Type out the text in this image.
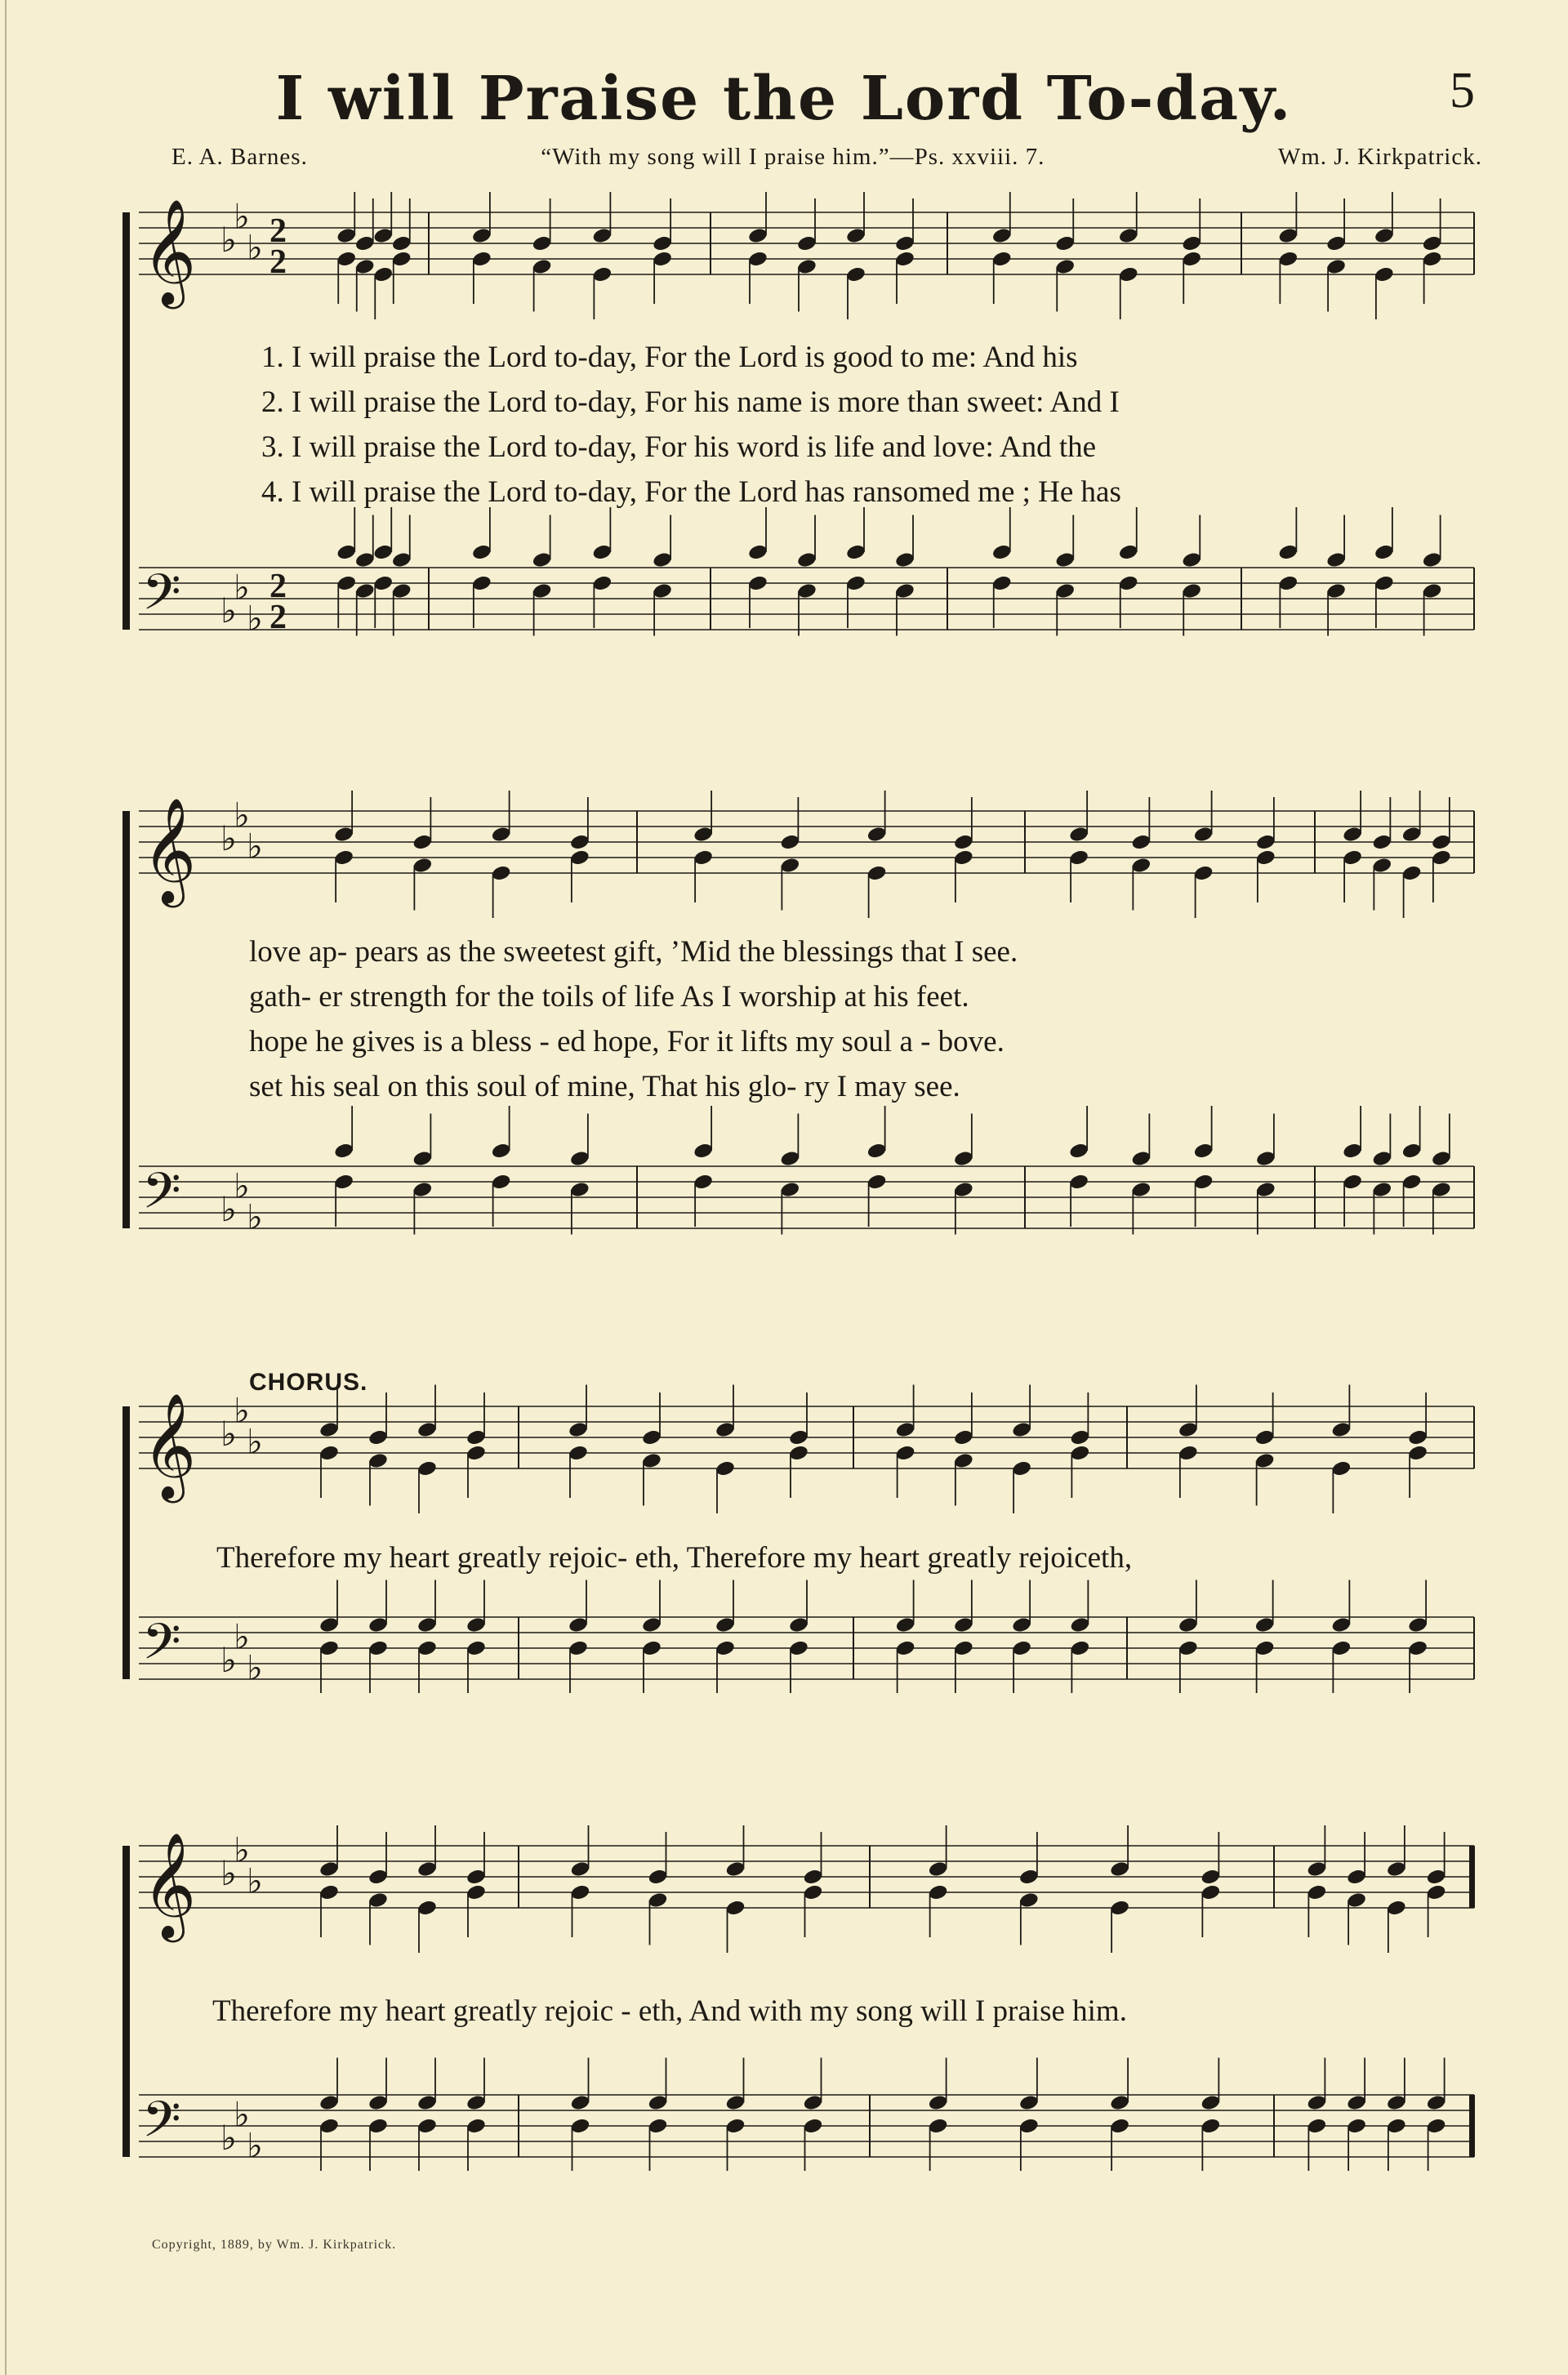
I will Praise the Lord To-day.	5
E. A. Barnes.	“With my song will I praise him.”—Ps. xxviii. 7.	Wm. J. Kirkpatrick.
𝄞 ♭
♭
♭ 2
2
𝄢 ♭
♭
♭
2
2
1. I will praise the Lord to-day, For the Lord is good to me: And his
2. I will praise the Lord to-day, For his name is more than sweet: And I
3. I will praise the Lord to-day, For his word is life and love: And the
4. I will praise the Lord to-day, For the Lord has ransomed me ; He has
𝄞 ♭
♭
♭
𝄢 ♭
♭
♭
love ap- pears as the sweetest gift, ’Mid the blessings that I see.
gath- er strength for the toils of life As I worship at his feet.
hope he gives is a bless - ed hope, For it lifts my soul a - bove.
set his seal on this soul of mine, That his glo- ry I may see.
CHORUS.
𝄞 ♭
♭
♭
𝄢 ♭
♭
♭
Therefore my heart greatly rejoic- eth, Therefore my heart greatly rejoiceth,
𝄞 ♭
♭
♭
𝄢 ♭
♭
♭
Therefore my heart greatly rejoic - eth, And with my song will I praise him.
Copyright, 1889, by Wm. J. Kirkpatrick.
